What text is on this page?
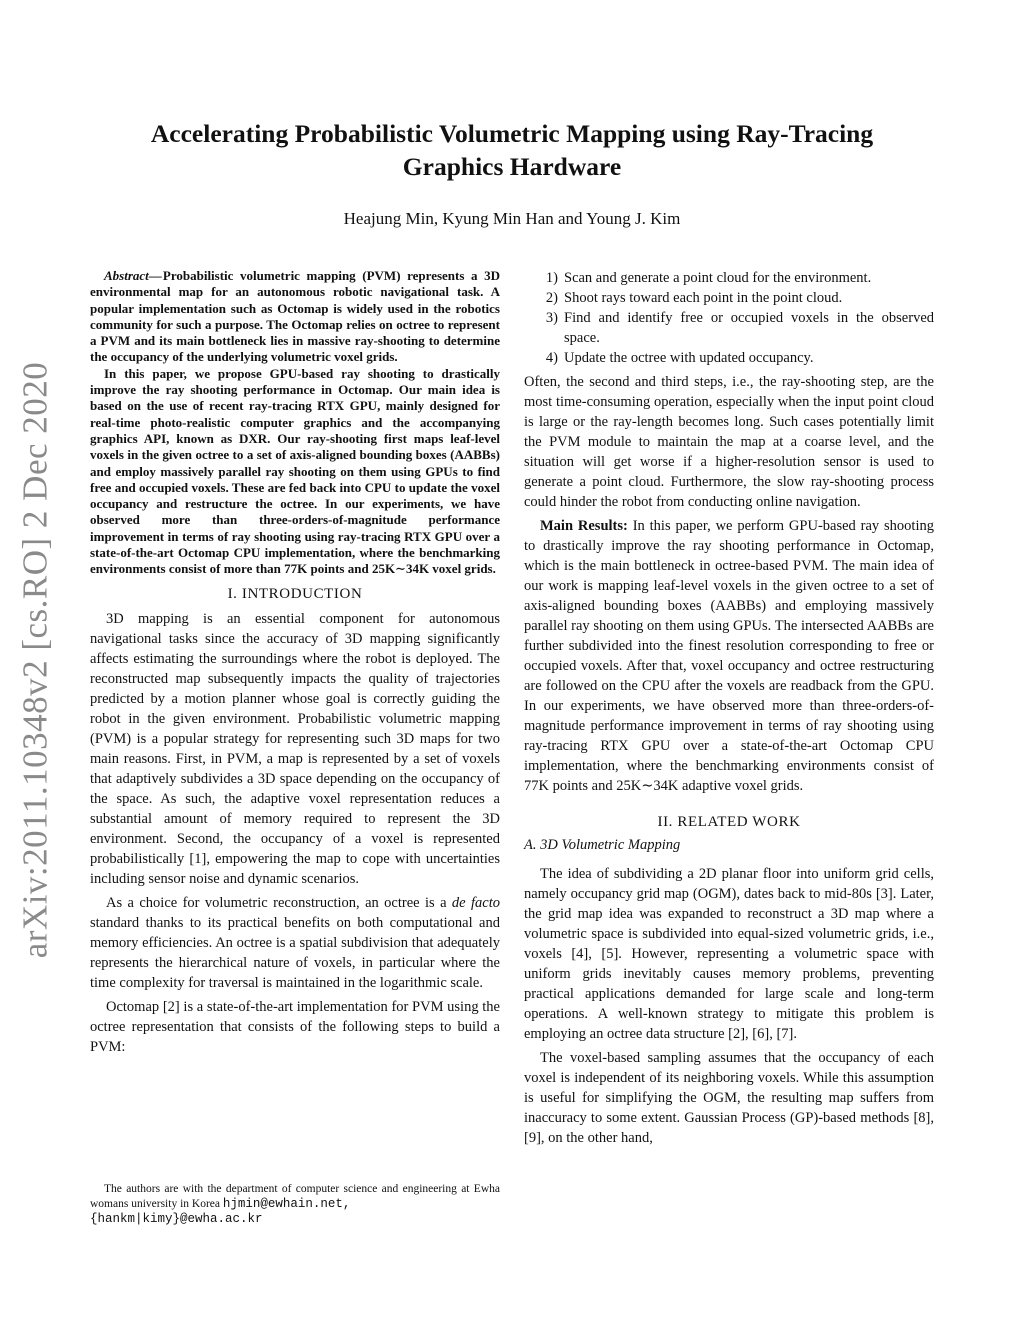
arXiv:2011.10348v2 [cs.RO] 2 Dec 2020
Accelerating Probabilistic Volumetric Mapping using Ray-Tracing Graphics Hardware

Heajung Min, Kyung Min Han and Young J. Kim

Abstract— Probabilistic volumetric mapping (PVM) represents a 3D environmental map for an autonomous robotic navigational task. A popular implementation such as Octomap is widely used in the robotics community for such a purpose. The Octomap relies on octree to represent a PVM and its main bottleneck lies in massive ray-shooting to determine the occupancy of the underlying volumetric voxel grids.

In this paper, we propose GPU-based ray shooting to drastically improve the ray shooting performance in Octomap. Our main idea is based on the use of recent ray-tracing RTX GPU, mainly designed for real-time photo-realistic computer graphics and the accompanying graphics API, known as DXR. Our ray-shooting first maps leaf-level voxels in the given octree to a set of axis-aligned bounding boxes (AABBs) and employ massively parallel ray shooting on them using GPUs to find free and occupied voxels. These are fed back into CPU to update the voxel occupancy and restructure the octree. In our experiments, we have observed more than three-orders-of-magnitude performance improvement in terms of ray shooting using ray-tracing RTX GPU over a state-of-the-art Octomap CPU implementation, where the benchmarking environments consist of more than 77K points and 25K∼34K voxel grids.

I. INTRODUCTION

3D mapping is an essential component for autonomous navigational tasks since the accuracy of 3D mapping significantly affects estimating the surroundings where the robot is deployed. The reconstructed map subsequently impacts the quality of trajectories predicted by a motion planner whose goal is correctly guiding the robot in the given environment. Probabilistic volumetric mapping (PVM) is a popular strategy for representing such 3D maps for two main reasons. First, in PVM, a map is represented by a set of voxels that adaptively subdivides a 3D space depending on the occupancy of the space. As such, the adaptive voxel representation reduces a substantial amount of memory required to represent the 3D environment. Second, the occupancy of a voxel is represented probabilistically [1], empowering the map to cope with uncertainties including sensor noise and dynamic scenarios.

As a choice for volumetric reconstruction, an octree is a de facto standard thanks to its practical benefits on both computational and memory efficiencies. An octree is a spatial subdivision that adequately represents the hierarchical nature of voxels, in particular where the time complexity for traversal is maintained in the logarithmic scale.

Octomap [2] is a state-of-the-art implementation for PVM using the octree representation that consists of the following steps to build a PVM:

The authors are with the department of computer science and engineering at Ewha womans university in Korea hjmin@ewhain.net,
{hankm|kimy}@ewha.ac.kr

1) Scan and generate a point cloud for the environment.
2) Shoot rays toward each point in the point cloud.
3) Find and identify free or occupied voxels in the observed space.
4) Update the octree with updated occupancy.

Often, the second and third steps, i.e., the ray-shooting step, are the most time-consuming operation, especially when the input point cloud is large or the ray-length becomes long. Such cases potentially limit the PVM module to maintain the map at a coarse level, and the situation will get worse if a higher-resolution sensor is used to generate a point cloud. Furthermore, the slow ray-shooting process could hinder the robot from conducting online navigation.

Main Results: In this paper, we perform GPU-based ray shooting to drastically improve the ray shooting performance in Octomap, which is the main bottleneck in octree-based PVM. The main idea of our work is mapping leaf-level voxels in the given octree to a set of axis-aligned bounding boxes (AABBs) and employing massively parallel ray shooting on them using GPUs. The intersected AABBs are further subdivided into the finest resolution corresponding to free or occupied voxels. After that, voxel occupancy and octree restructuring are followed on the CPU after the voxels are readback from the GPU. In our experiments, we have observed more than three-orders-of-magnitude performance improvement in terms of ray shooting using ray-tracing RTX GPU over a state-of-the-art Octomap CPU implementation, where the benchmarking environments consist of 77K points and 25K∼34K adaptive voxel grids.

II. RELATED WORK
A. 3D Volumetric Mapping

The idea of subdividing a 2D planar floor into uniform grid cells, namely occupancy grid map (OGM), dates back to mid-80s [3]. Later, the grid map idea was expanded to reconstruct a 3D map where a volumetric space is subdivided into equal-sized volumetric grids, i.e., voxels [4], [5]. However, representing a volumetric space with uniform grids inevitably causes memory problems, preventing practical applications demanded for large scale and long-term operations. A well-known strategy to mitigate this problem is employing an octree data structure [2], [6], [7].

The voxel-based sampling assumes that the occupancy of each voxel is independent of its neighboring voxels. While this assumption is useful for simplifying the OGM, the resulting map suffers from inaccuracy to some extent. Gaussian Process (GP)-based methods [8], [9], on the other hand,
